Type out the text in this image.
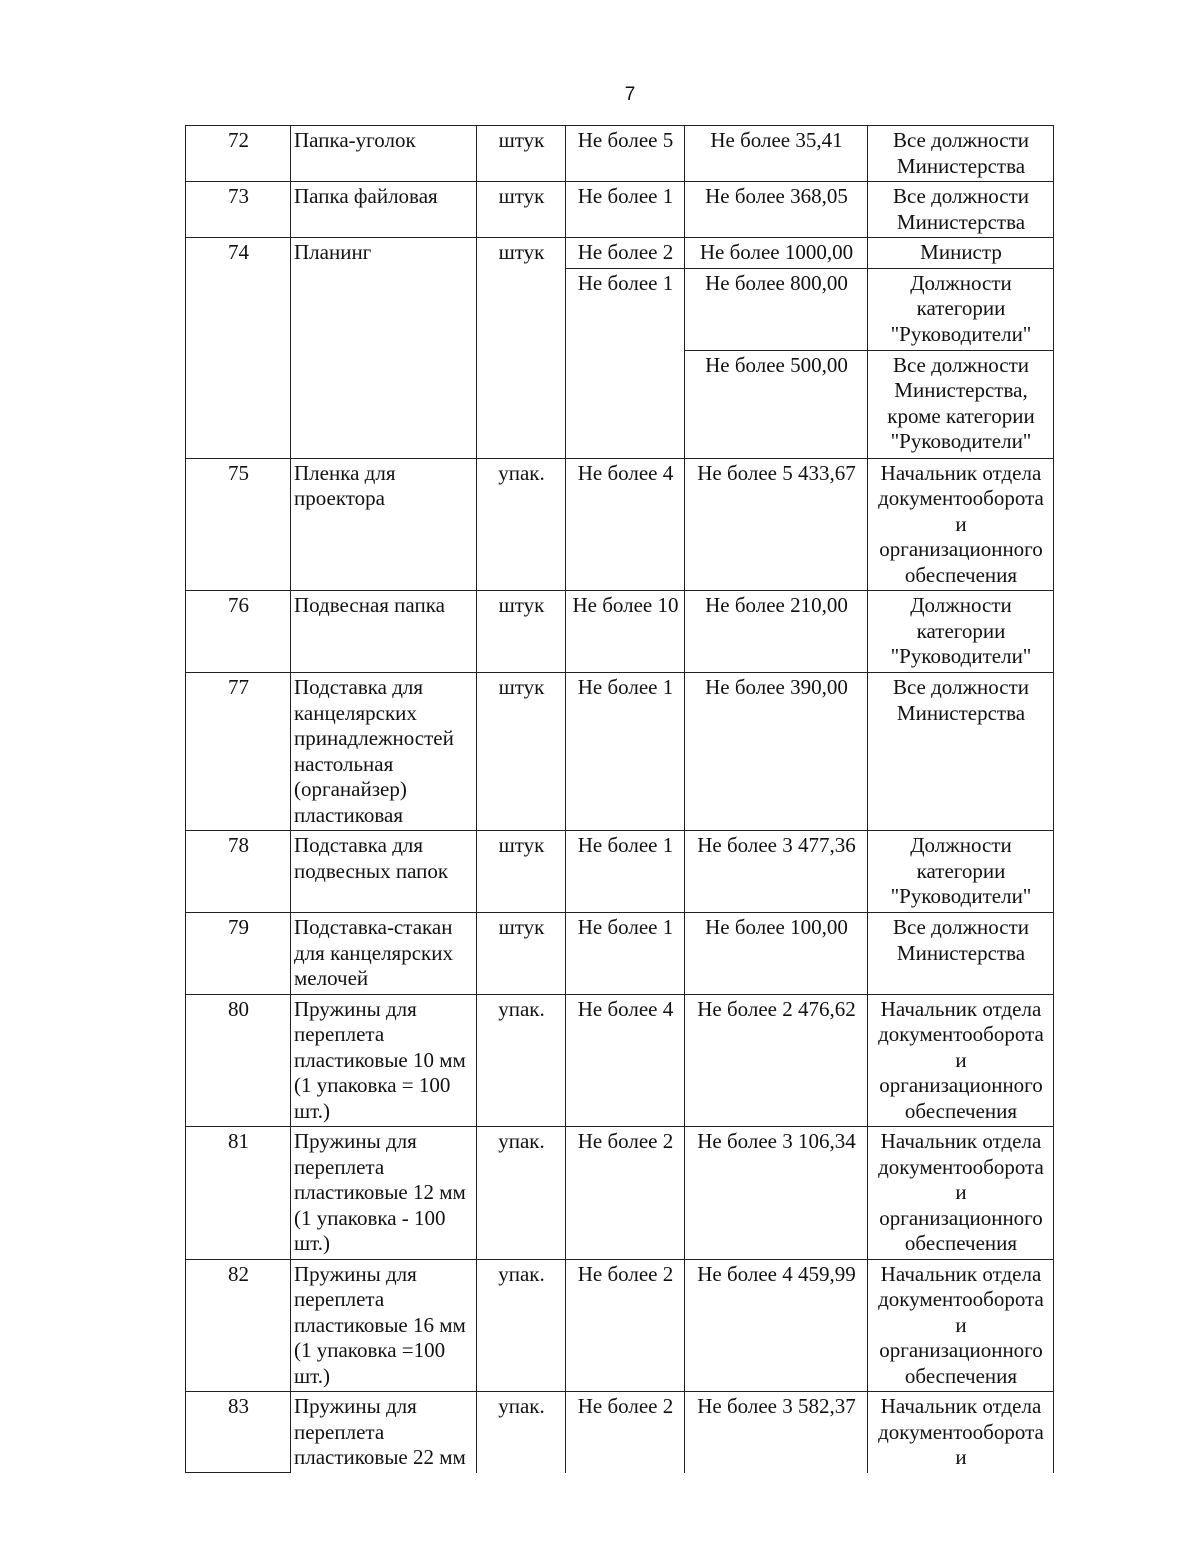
7
72	Папка-уголок	штук	Не более 5	Не более 35,41	Все должности Министерства
73	Папка файловая	штук	Не более 1	Не более 368,05	Все должности Министерства
74	Планинг	штук	Не более 2	Не более 1000,00	Министр
			Не более 1	Не более 800,00	Должности категории "Руководители"
				Не более 500,00	Все должности Министерства, кроме категории "Руководители"
75	Пленка для проектора	упак.	Не более 4	Не более 5 433,67	Начальник отдела документооборота и организационного обеспечения
76	Подвесная папка	штук	Не более 10	Не более 210,00	Должности категории "Руководители"
77	Подставка для канцелярских принадлежностей настольная (органайзер) пластиковая	штук	Не более 1	Не более 390,00	Все должности Министерства
78	Подставка для подвесных папок	штук	Не более 1	Не более 3 477,36	Должности категории "Руководители"
79	Подставка-стакан для канцелярских мелочей	штук	Не более 1	Не более 100,00	Все должности Министерства
80	Пружины для переплета пластиковые 10 мм (1 упаковка = 100 шт.)	упак.	Не более 4	Не более 2 476,62	Начальник отдела документооборота и организационного обеспечения
81	Пружины для переплета пластиковые 12 мм (1 упаковка - 100 шт.)	упак.	Не более 2	Не более 3 106,34	Начальник отдела документооборота и организационного обеспечения
82	Пружины для переплета пластиковые 16 мм (1 упаковка =100 шт.)	упак.	Не более 2	Не более 4 459,99	Начальник отдела документооборота и организационного обеспечения
83	Пружины для переплета пластиковые 22 мм	упак.	Не более 2	Не более 3 582,37	Начальник отдела документооборота и
